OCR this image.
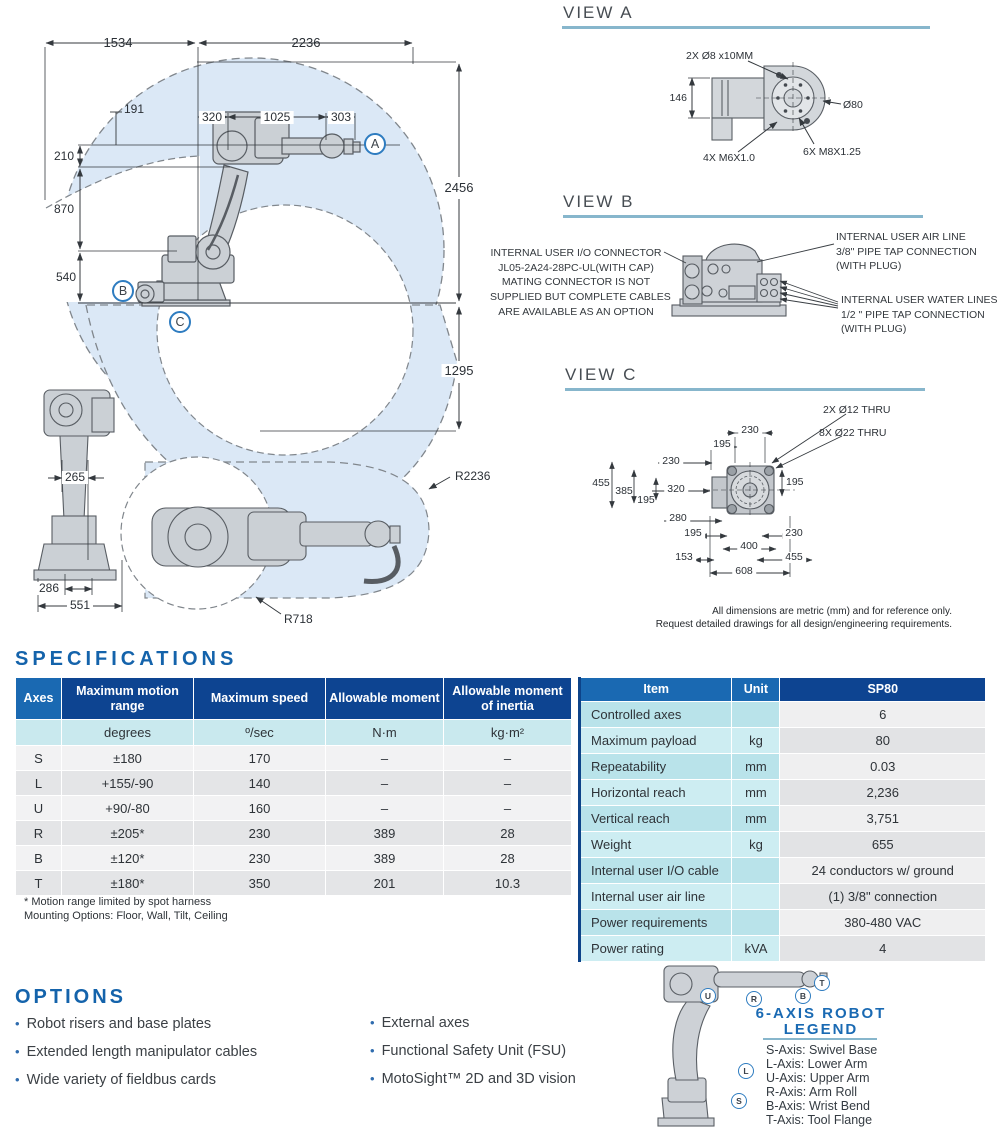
1534	2236
191
320	1025	303
210
870
540
2456
1295
A
B
C
265
286
551
R2236
R718
VIEW A
2X Ø8 x10MM
146
Ø80
4X M6X1.0	6X M8X1.25
VIEW B
INTERNAL USER I/O CONNECTOR
JL05-2A24-28PC-UL(WITH CAP)
MATING CONNECTOR IS NOT
SUPPLIED BUT COMPLETE CABLES
ARE AVAILABLE AS AN OPTION
INTERNAL USER AIR LINE
3/8" PIPE TAP CONNECTION
(WITH PLUG)
INTERNAL USER WATER LINES
1/2 " PIPE TAP CONNECTION
(WITH PLUG)
VIEW C
2X Ø12 THRU
8X Ø22 THRU
230
195
230
455
385	320
195
280
195
195	230
400
153	455
608
All dimensions are metric (mm) and for reference only.
Request detailed drawings for all design/engineering requirements.
SPECIFICATIONS
Axes	Maximum motion range	Maximum speed	Allowable moment	Allowable moment of inertia
	degrees	º/sec	N·m	kg·m²
S	±180	170	–	–
L	+155/-90	140	–	–
U	+90/-80	160	–	–
R	±205*	230	389	28
B	±120*	230	389	28
T	±180*	350	201	10.3
Item	Unit	SP80
Controlled axes		6
Maximum payload	kg	80
Repeatability	mm	0.03
Horizontal reach	mm	2,236
Vertical reach	mm	3,751
Weight	kg	655
Internal user I/O cable		24 conductors w/ ground
Internal user air line		(1) 3/8" connection
Power requirements		380-480 VAC
Power rating	kVA	4
* Motion range limited by spot harness
Mounting Options: Floor, Wall, Tilt, Ceiling
OPTIONS
• Robot risers and base plates
• Extended length manipulator cables
• Wide variety of fieldbus cards
• External axes
• Functional Safety Unit (FSU)
• MotoSight™ 2D and 3D vision
U	R	B
T
L
S
6-AXIS ROBOT
LEGEND
S-Axis: Swivel Base
L-Axis: Lower Arm
U-Axis: Upper Arm
R-Axis: Arm Roll
B-Axis: Wrist Bend
T-Axis: Tool Flange
